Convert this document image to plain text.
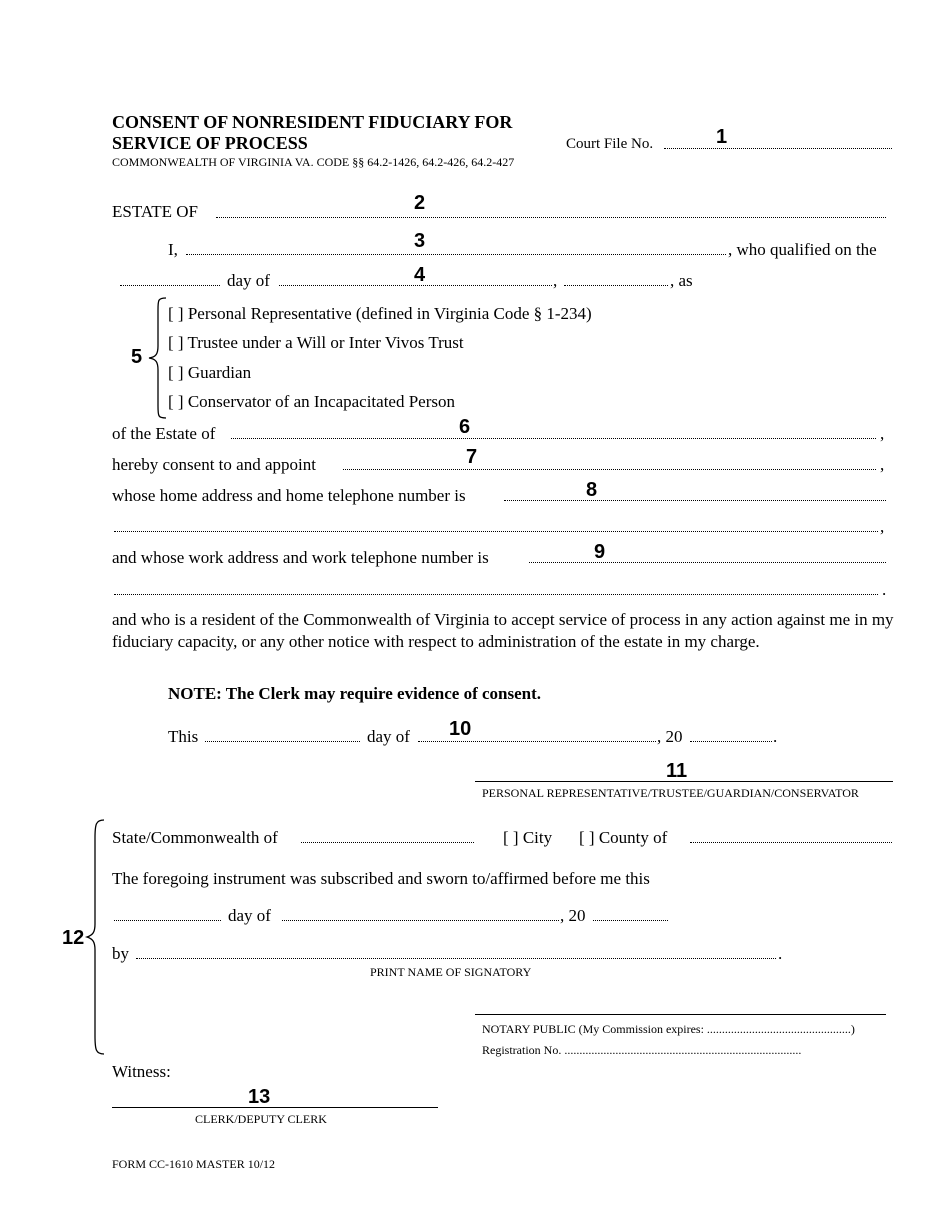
CONSENT OF NONRESIDENT FIDUCIARY FOR
SERVICE OF PROCESS
COMMONWEALTH OF VIRGINIA VA. CODE §§ 64.2-1426, 64.2-426, 64.2-427
Court File No.	1
ESTATE OF	2
I,	, who qualified on the
3
day of	,	, as
4
5
[ ] Personal Representative (defined in Virginia Code § 1-234)
[ ] Trustee under a Will or Inter Vivos Trust
[ ] Guardian
[ ] Conservator of an Incapacitated Person
of the Estate of	,
6
hereby consent to and appoint	,
7
whose home address and home telephone number is	8
,
and whose work address and work telephone number is	9
.
and who is a resident of the Commonwealth of Virginia to accept service of process in any action against me in my fiduciary capacity, or any other notice with respect to administration of the estate in my charge.
NOTE: The Clerk may require evidence of consent.
This	day of	, 20	.
10
11
PERSONAL REPRESENTATIVE/TRUSTEE/GUARDIAN/CONSERVATOR
12
State/Commonwealth of	[ ] City [ ] County of
The foregoing instrument was subscribed and sworn to/affirmed before me this
day of	, 20
by	.
PRINT NAME OF SIGNATORY
NOTARY PUBLIC (My Commission expires: ................................................)
Registration No. ...............................................................................
Witness:
13
CLERK/DEPUTY CLERK
FORM CC-1610 MASTER 10/12
